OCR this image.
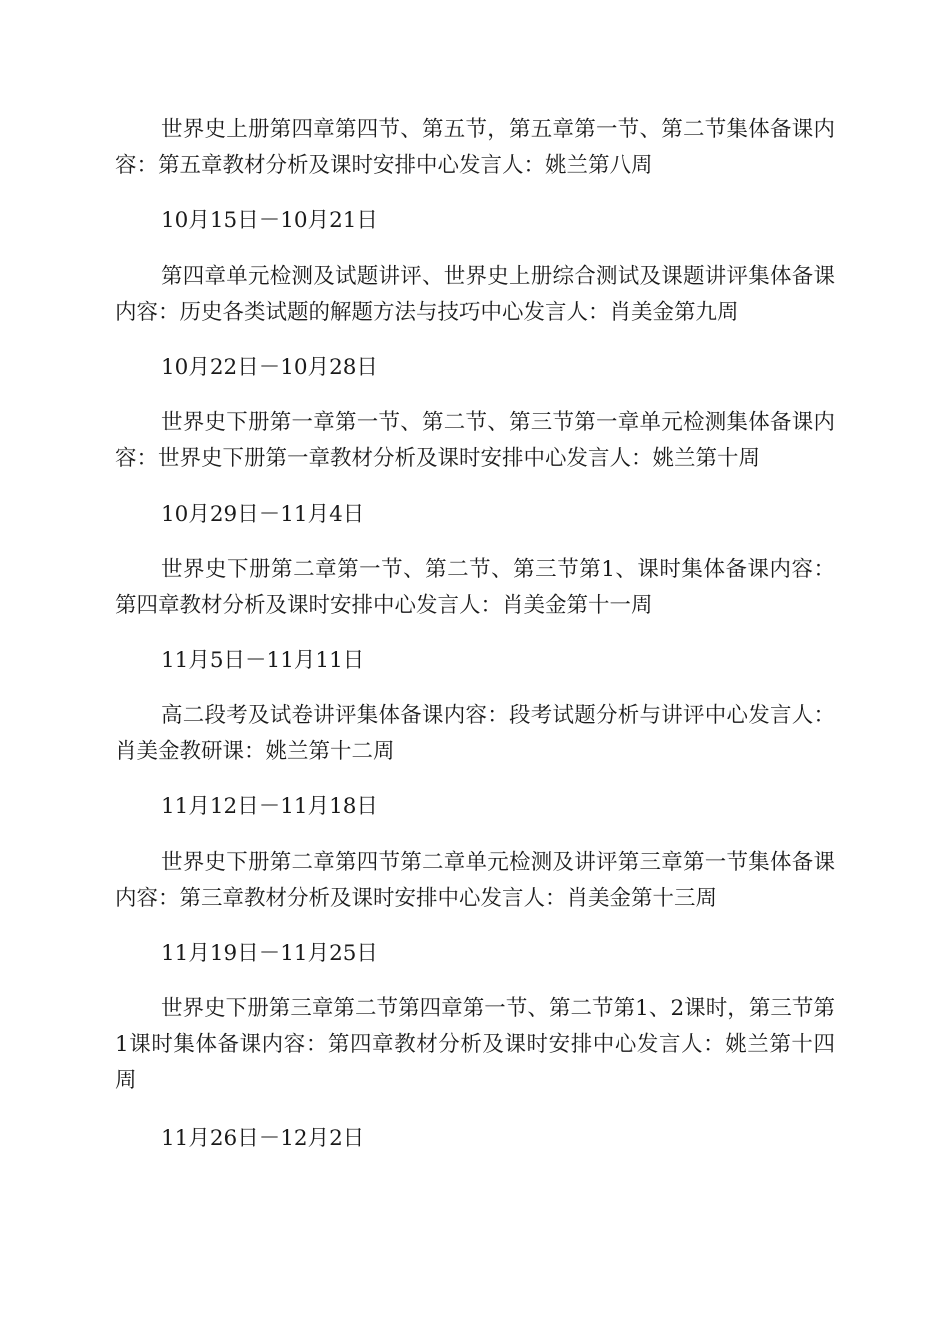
世界史上册第四章第四节、第五节，第五章第一节、第二节集体备课内容：第五章教材分析及课时安排中心发言人：姚兰第八周

10月15日－10月21日

第四章单元检测及试题讲评、世界史上册综合测试及课题讲评集体备课内容：历史各类试题的解题方法与技巧中心发言人：肖美金第九周

10月22日－10月28日

世界史下册第一章第一节、第二节、第三节第一章单元检测集体备课内容：世界史下册第一章教材分析及课时安排中心发言人：姚兰第十周

10月29日－11月4日

世界史下册第二章第一节、第二节、第三节第1、课时集体备课内容：第四章教材分析及课时安排中心发言人：肖美金第十一周

11月5日－11月11日

高二段考及试卷讲评集体备课内容：段考试题分析与讲评中心发言人：肖美金教研课：姚兰第十二周

11月12日－11月18日

世界史下册第二章第四节第二章单元检测及讲评第三章第一节集体备课内容：第三章教材分析及课时安排中心发言人：肖美金第十三周

11月19日－11月25日

世界史下册第三章第二节第四章第一节、第二节第1、2课时，第三节第1课时集体备课内容：第四章教材分析及课时安排中心发言人：姚兰第十四周

11月26日－12月2日
